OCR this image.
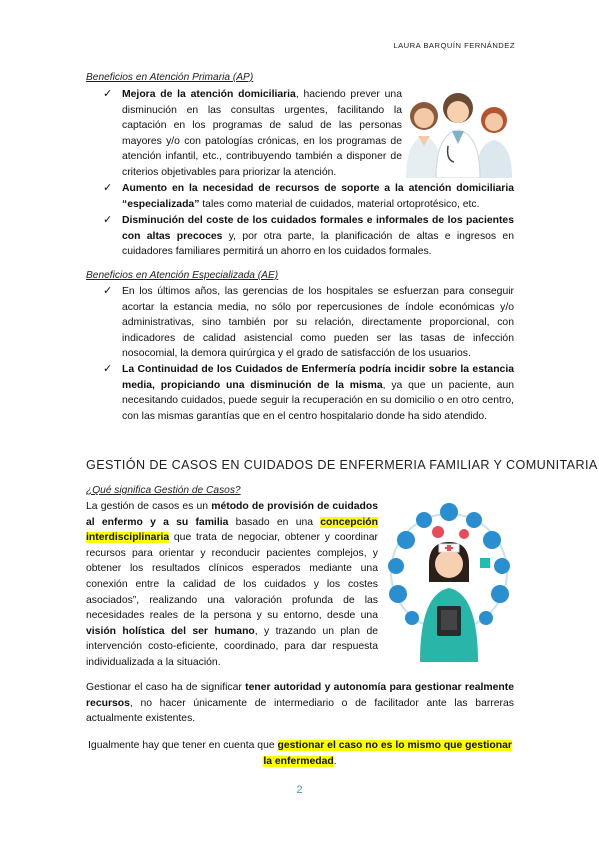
LAURA BARQUÍN FERNÁNDEZ
Beneficios en Atención Primaria (AP)
✓ Mejora de la atención domiciliaria, haciendo prever una disminución en las consultas urgentes, facilitando la captación en los programas de salud de las personas mayores y/o con patologías crónicas, en los programas de atención infantil, etc., contribuyendo también a disponer de criterios objetivables para priorizar la atención.

✓ Aumento en la necesidad de recursos de soporte a la atención domiciliaria “especializada” tales como material de cuidados, material ortoprotésico, etc.

✓ Disminución del coste de los cuidados formales e informales de los pacientes con altas precoces y, por otra parte, la planificación de altas e ingresos en cuidadores familiares permitirá un ahorro en los cuidados formales.

Beneficios en Atención Especializada (AE)
✓ En los últimos años, las gerencias de los hospitales se esfuerzan para conseguir acortar la estancia media, no sólo por repercusiones de índole económicas y/o administrativas, sino también por su relación, directamente proporcional, con indicadores de calidad asistencial como pueden ser las tasas de infección nosocomial, la demora quirúrgica y el grado de satisfacción de los usuarios.

✓ La Continuidad de los Cuidados de Enfermería podría incidir sobre la estancia media, propiciando una disminución de la misma, ya que un paciente, aun necesitando cuidados, puede seguir la recuperación en su domicilio o en otro centro, con las mismas garantías que en el centro hospitalario donde ha sido atendido.

GESTIÓN DE CASOS EN CUIDADOS DE ENFERMERIA FAMILIAR Y COMUNITARIA
¿Qué significa Gestión de Casos?

La gestión de casos es un método de provisión de cuidados al enfermo y a su familia basado en una concepción interdisciplinaria que trata de negociar, obtener y coordinar recursos para orientar y reconducir pacientes complejos, y obtener los resultados clínicos esperados mediante una conexión entre la calidad de los cuidados y los costes asociados”, realizando una valoración profunda de las necesidades reales de la persona y su entorno, desde una visión holística del ser humano, y trazando un plan de intervención costo-eficiente, coordinado, para dar respuesta individualizada a la situación.

Gestionar el caso ha de significar tener autoridad y autonomía para gestionar realmente recursos, no hacer únicamente de intermediario o de facilitador ante las barreras actualmente existentes.

Igualmente hay que tener en cuenta que gestionar el caso no es lo mismo que gestionar la enfermedad.

2
